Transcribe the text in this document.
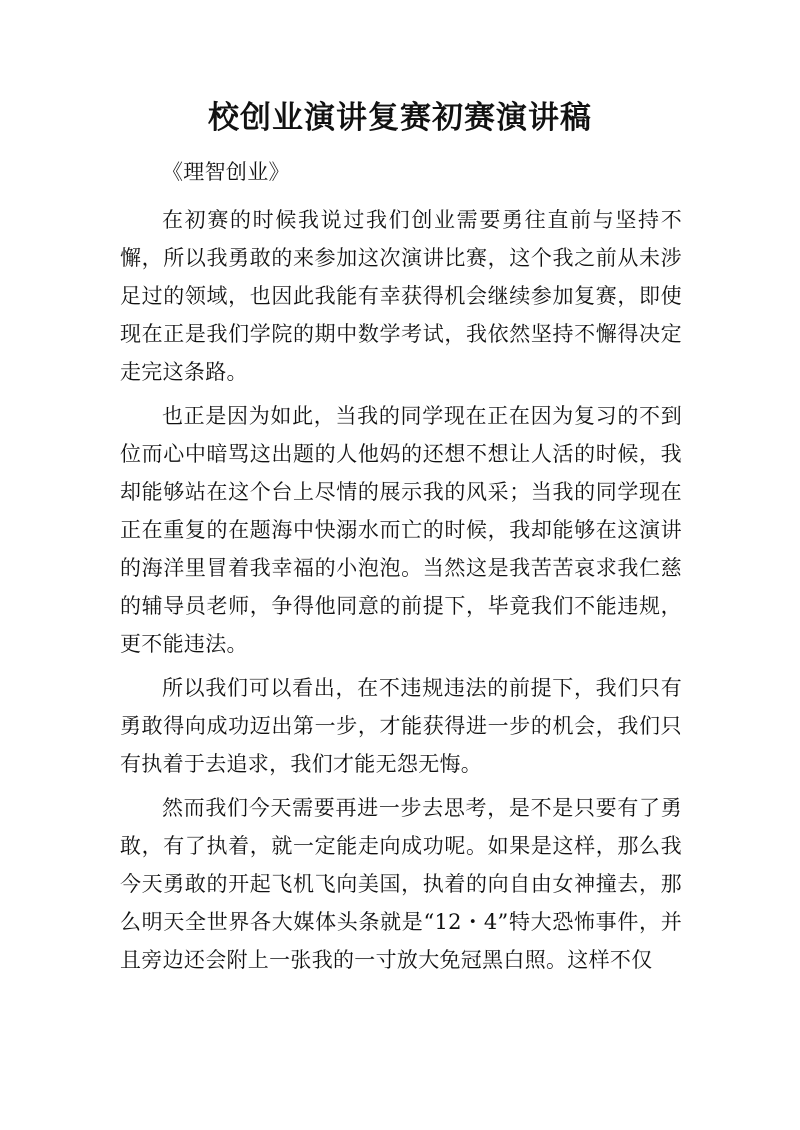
校创业演讲复赛初赛演讲稿

《理智创业》

在初赛的时候我说过我们创业需要勇往直前与坚持不懈，所以我勇敢的来参加这次演讲比赛，这个我之前从未涉足过的领域，也因此我能有幸获得机会继续参加复赛，即使现在正是我们学院的期中数学考试，我依然坚持不懈得决定走完这条路。

也正是因为如此，当我的同学现在正在因为复习的不到位而心中暗骂这出题的人他妈的还想不想让人活的时候，我却能够站在这个台上尽情的展示我的风采；当我的同学现在正在重复的在题海中快溺水而亡的时候，我却能够在这演讲的海洋里冒着我幸福的小泡泡。当然这是我苦苦哀求我仁慈的辅导员老师，争得他同意的前提下，毕竟我们不能违规，更不能违法。

所以我们可以看出，在不违规违法的前提下，我们只有勇敢得向成功迈出第一步，才能获得进一步的机会，我们只有执着于去追求，我们才能无怨无悔。

然而我们今天需要再进一步去思考，是不是只要有了勇敢，有了执着，就一定能走向成功呢。如果是这样，那么我今天勇敢的开起飞机飞向美国，执着的向自由女神撞去，那么明天全世界各大媒体头条就是“12・4”特大恐怖事件，并且旁边还会附上一张我的一寸放大免冠黑白照。这样不仅
